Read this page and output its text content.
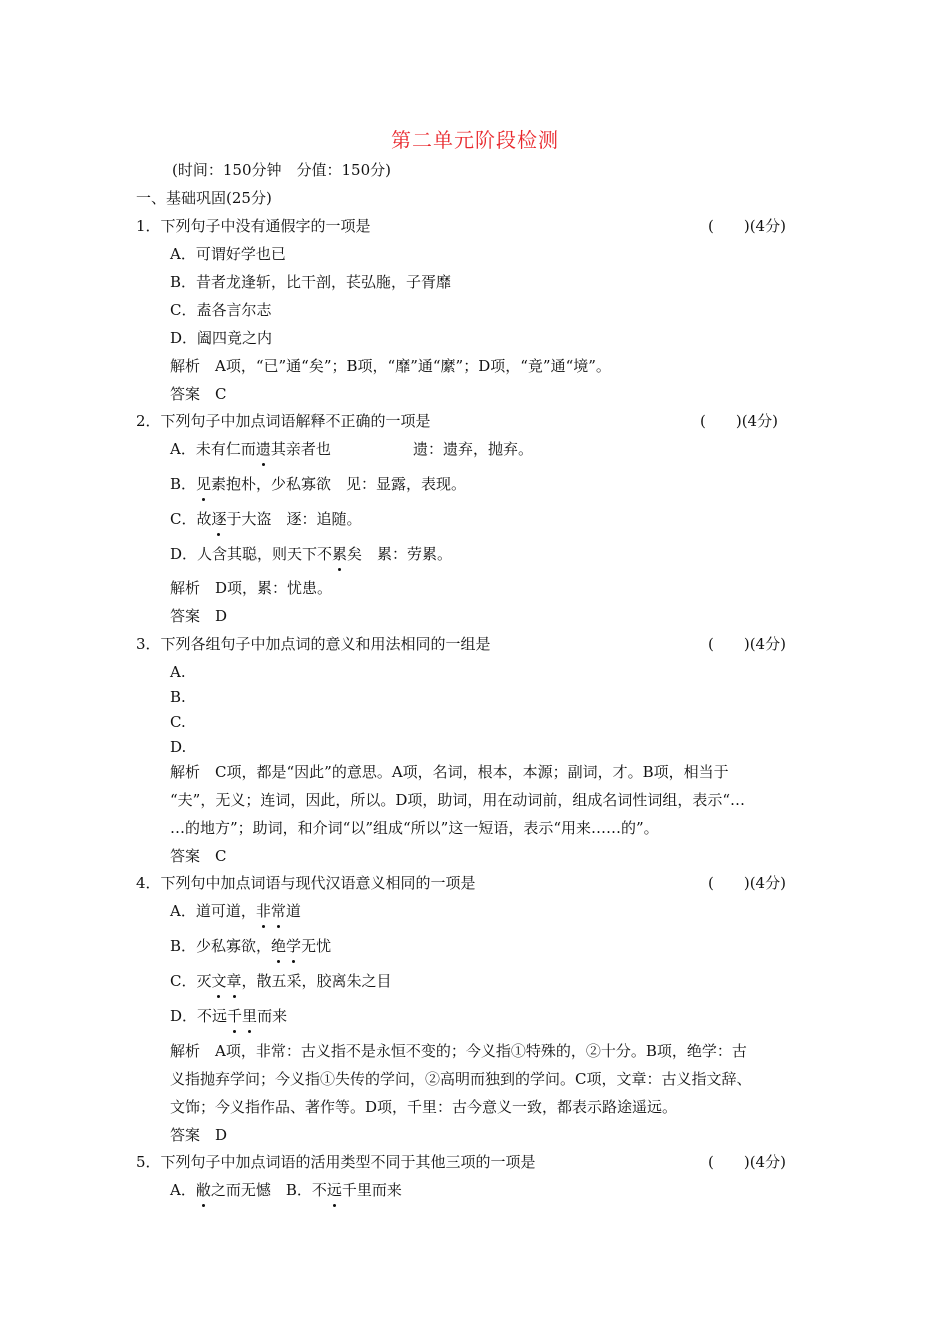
第二单元阶段检测
(时间：150分钟　分值：150分)
一、基础巩固(25分)
1．下列句子中没有通假字的一项是	(　　)(4分)
A．可谓好学也已
B．昔者龙逢斩，比干剖，苌弘胣，子胥靡
C．盍各言尔志
D．阖四竟之内
解析　A项，“已”通“矣”；B项，“靡”通“縻”；D项，“竟”通“境”。
答案　C
2．下列句子中加点词语解释不正确的一项是	(　　)(4分)
A．未有仁而遗其亲者也	遗：遗弃，抛弃。
B．见素抱朴，少私寡欲　见：显露，表现。
C．故逐于大盗　逐：追随。
D．人含其聪，则天下不累矣　累：劳累。
解析　D项，累：忧患。
答案　D
3．下列各组句子中加点词的意义和用法相同的一组是	(　　)(4分)
A.
B.
C.
D.
解析　C项，都是“因此”的意思。A项，名词，根本，本源；副词，才。B项，相当于
“夫”，无义；连词，因此，所以。D项，助词，用在动词前，组成名词性词组，表示“…
…的地方”；助词，和介词“以”组成“所以”这一短语，表示“用来……的”。
答案　C
4．下列句中加点词语与现代汉语意义相同的一项是	(　　)(4分)
A．道可道，非常道
B．少私寡欲，绝学无忧
C．灭文章，散五采，胶离朱之目
D．不远千里而来
解析　A项，非常：古义指不是永恒不变的；今义指①特殊的，②十分。B项，绝学：古
义指抛弃学问；今义指①失传的学问，②高明而独到的学问。C项，文章：古义指文辞、
文饰；今义指作品、著作等。D项，千里：古今意义一致，都表示路途遥远。
答案　D
5．下列句子中加点词语的活用类型不同于其他三项的一项是	(　　)(4分)
A．敝之而无憾　B．不远千里而来
